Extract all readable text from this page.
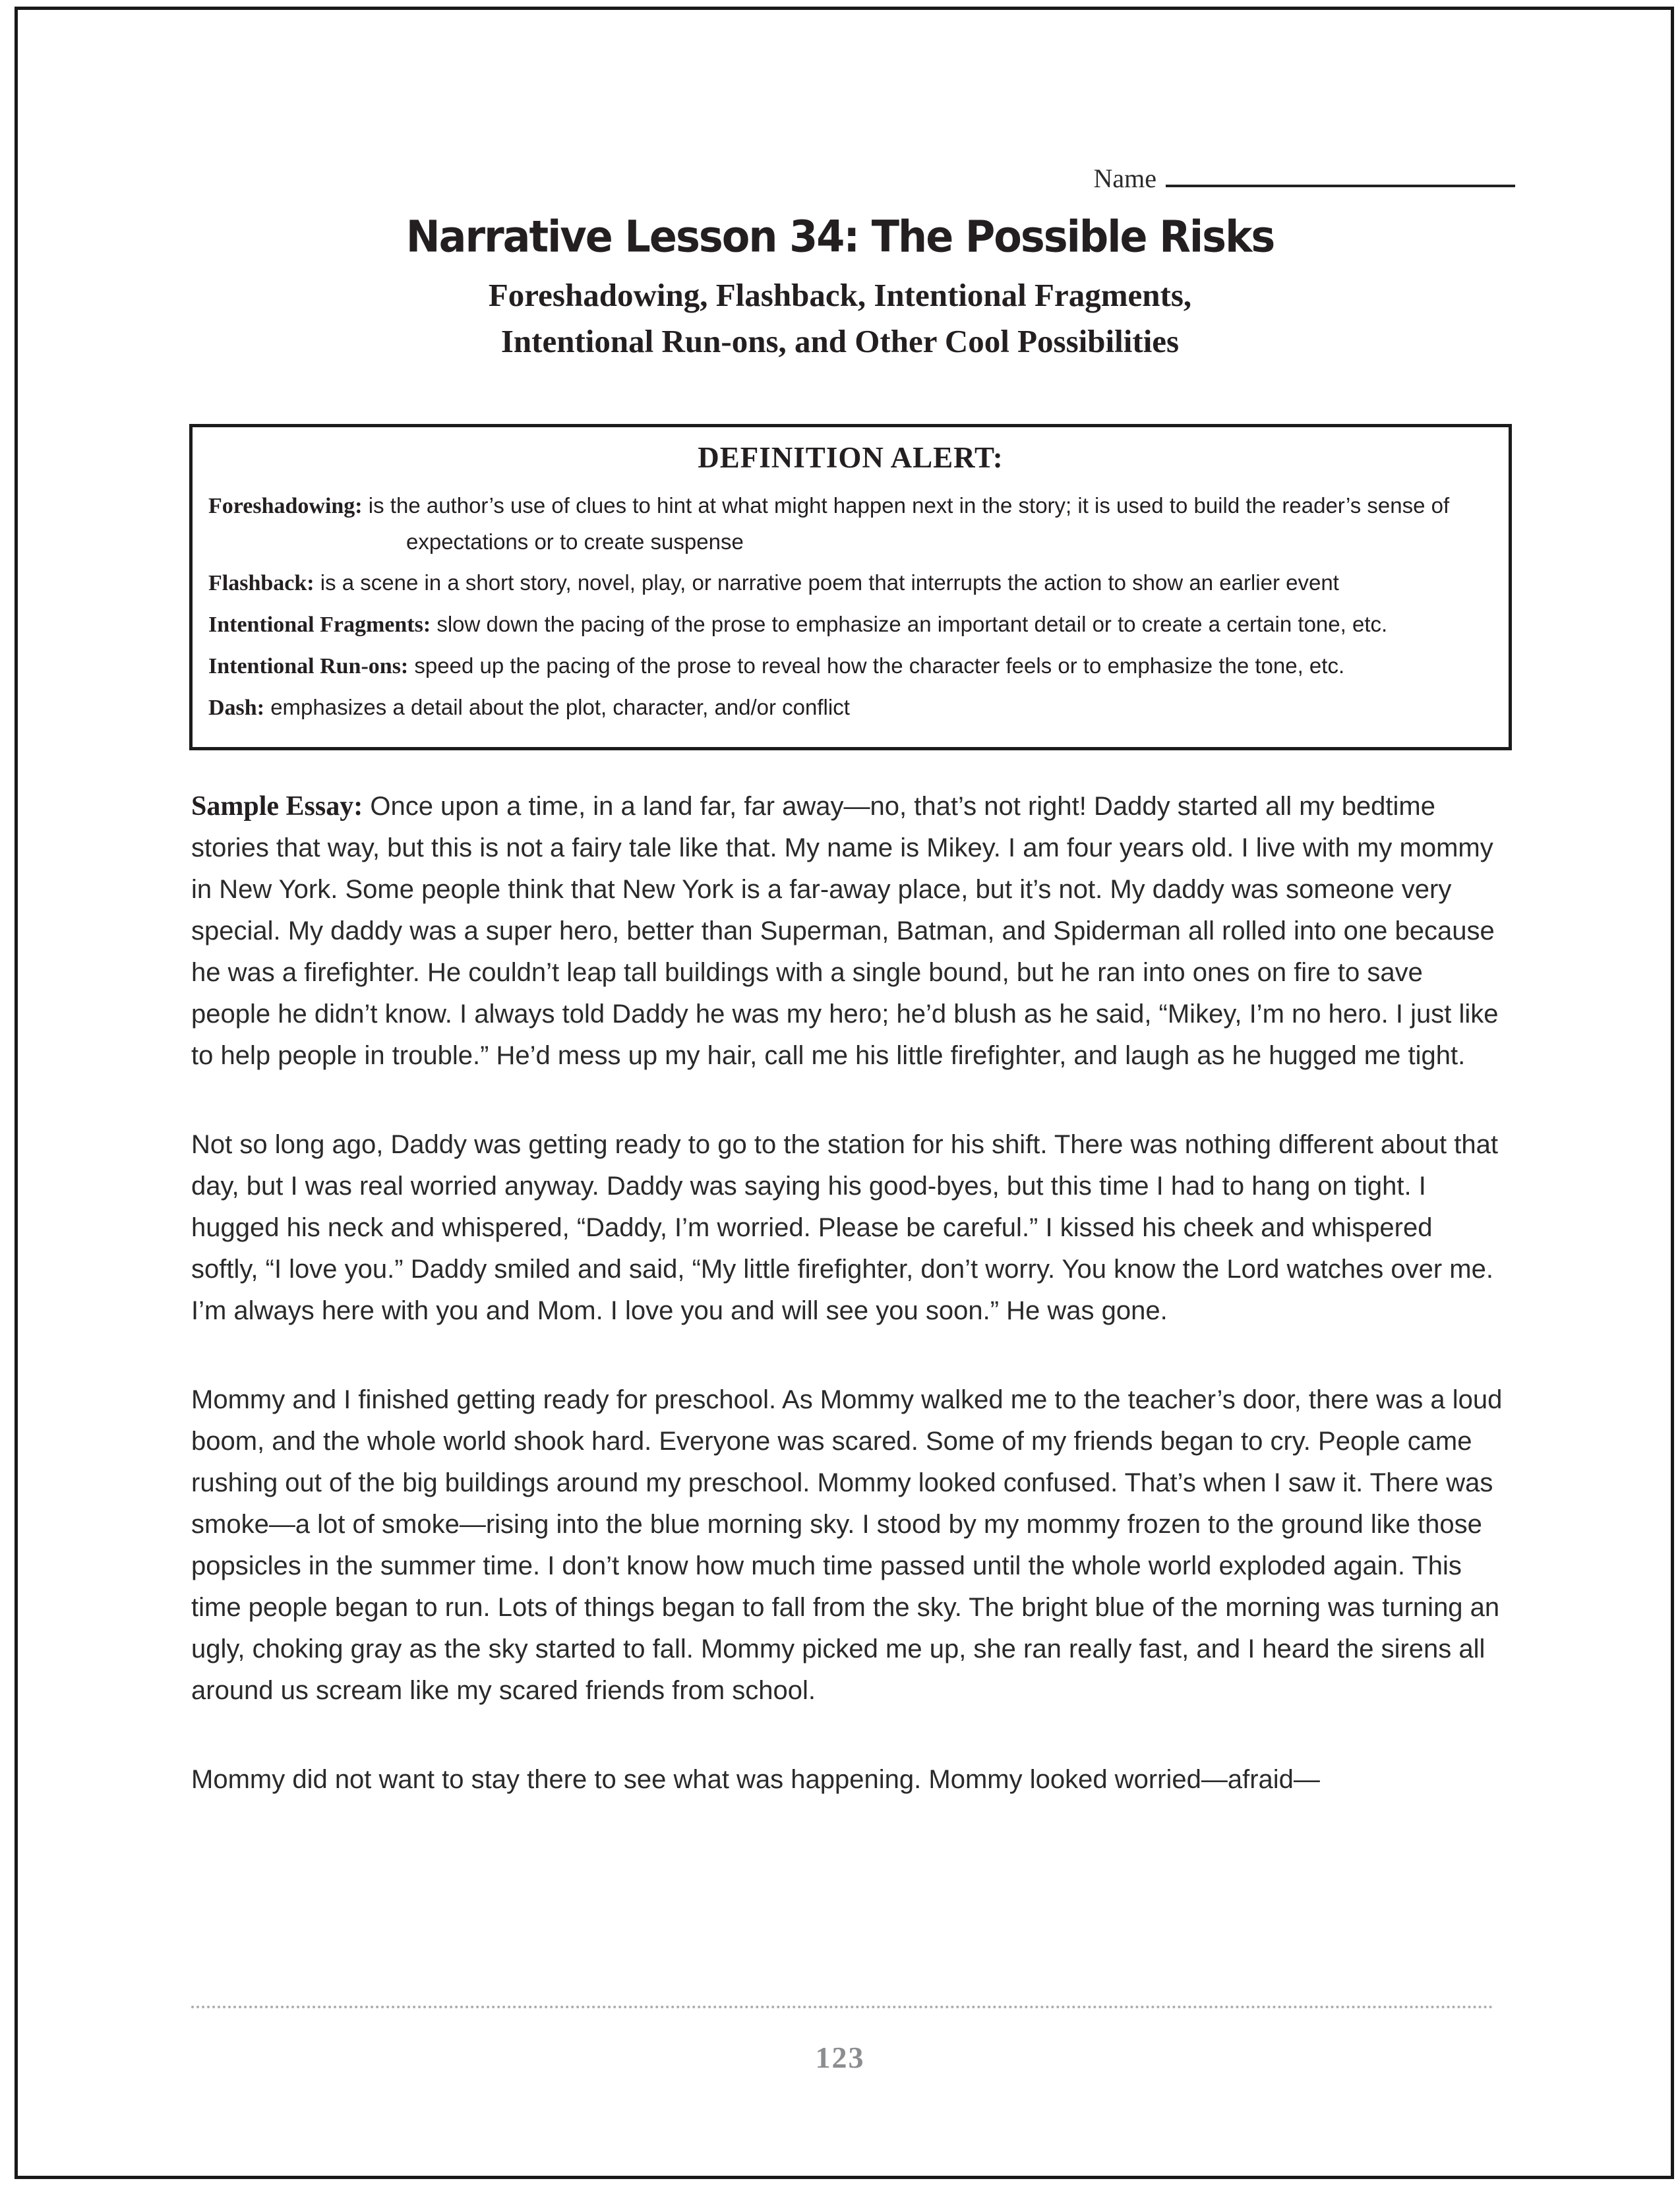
Name
Narrative Lesson 34: The Possible Risks

Foreshadowing, Flashback, Intentional Fragments,

Intentional Run-ons, and Other Cool Possibilities

DEFINITION ALERT:

Foreshadowing: is the author’s use of clues to hint at what might happen next in the story; it is used to build the reader’s sense of expectations or to create suspense

Flashback: is a scene in a short story, novel, play, or narrative poem that interrupts the action to show an earlier event

Intentional Fragments: slow down the pacing of the prose to emphasize an important detail or to create a certain tone, etc.

Intentional Run-ons: speed up the pacing of the prose to reveal how the character feels or to emphasize the tone, etc.

Dash: emphasizes a detail about the plot, character, and/or conflict

Sample Essay: Once upon a time, in a land far, far away—no, that’s not right! Daddy started all my bedtime stories that way, but this is not a fairy tale like that. My name is Mikey. I am four years old. I live with my mommy in New York. Some people think that New York is a far-away place, but it’s not. My daddy was someone very special. My daddy was a super hero, better than Superman, Batman, and Spiderman all rolled into one because he was a firefighter. He couldn’t leap tall buildings with a single bound, but he ran into ones on fire to save people he didn’t know. I always told Daddy he was my hero; he’d blush as he said, “Mikey, I’m no hero. I just like to help people in trouble.” He’d mess up my hair, call me his little firefighter, and laugh as he hugged me tight.

Not so long ago, Daddy was getting ready to go to the station for his shift. There was nothing different about that day, but I was real worried anyway. Daddy was saying his good-byes, but this time I had to hang on tight. I hugged his neck and whispered, “Daddy, I’m worried. Please be careful.” I kissed his cheek and whispered softly, “I love you.” Daddy smiled and said, “My little firefighter, don’t worry. You know the Lord watches over me. I’m always here with you and Mom. I love you and will see you soon.” He was gone.

Mommy and I finished getting ready for preschool. As Mommy walked me to the teacher’s door, there was a loud boom, and the whole world shook hard. Everyone was scared. Some of my friends began to cry. People came rushing out of the big buildings around my preschool. Mommy looked confused. That’s when I saw it. There was smoke—a lot of smoke—rising into the blue morning sky. I stood by my mommy frozen to the ground like those popsicles in the summer time. I don’t know how much time passed until the whole world exploded again. This time people began to run. Lots of things began to fall from the sky. The bright blue of the morning was turning an ugly, choking gray as the sky started to fall. Mommy picked me up, she ran really fast, and I heard the sirens all around us scream like my scared friends from school.

Mommy did not want to stay there to see what was happening. Mommy looked worried—afraid—

123
